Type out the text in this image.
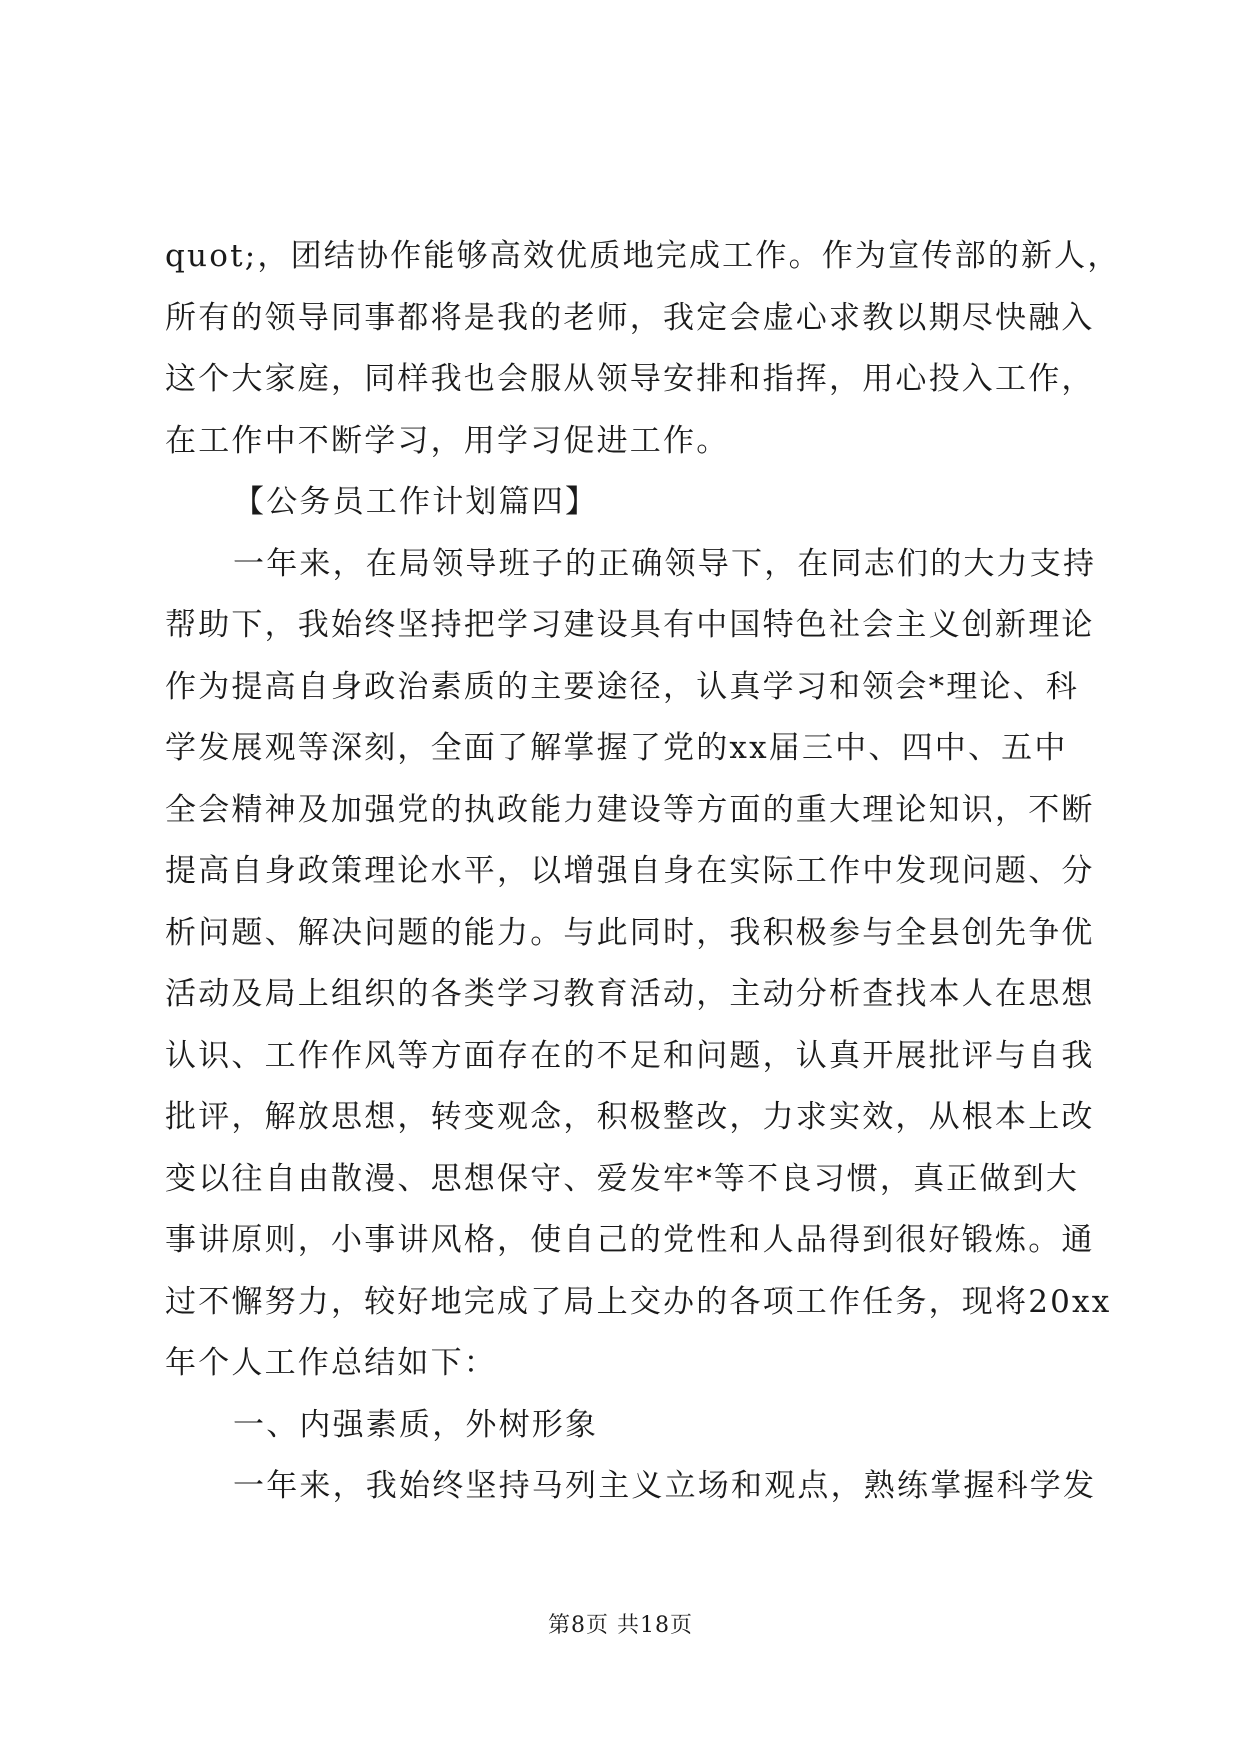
quot;，团结协作能够高效优质地完成工作。作为宣传部的新人，
所有的领导同事都将是我的老师，我定会虚心求教以期尽快融入
这个大家庭，同样我也会服从领导安排和指挥，用心投入工作，
在工作中不断学习，用学习促进工作。
【公务员工作计划篇四】
一年来，在局领导班子的正确领导下，在同志们的大力支持
帮助下，我始终坚持把学习建设具有中国特色社会主义创新理论
作为提高自身政治素质的主要途径，认真学习和领会*理论、科
学发展观等深刻，全面了解掌握了党的xx届三中、四中、五中
全会精神及加强党的执政能力建设等方面的重大理论知识，不断
提高自身政策理论水平，以增强自身在实际工作中发现问题、分
析问题、解决问题的能力。与此同时，我积极参与全县创先争优
活动及局上组织的各类学习教育活动，主动分析查找本人在思想
认识、工作作风等方面存在的不足和问题，认真开展批评与自我
批评，解放思想，转变观念，积极整改，力求实效，从根本上改
变以往自由散漫、思想保守、爱发牢*等不良习惯，真正做到大
事讲原则，小事讲风格，使自己的党性和人品得到很好锻炼。通
过不懈努力，较好地完成了局上交办的各项工作任务，现将20xx
年个人工作总结如下：
一、内强素质，外树形象
一年来，我始终坚持马列主义立场和观点，熟练掌握科学发
第8页 共18页
